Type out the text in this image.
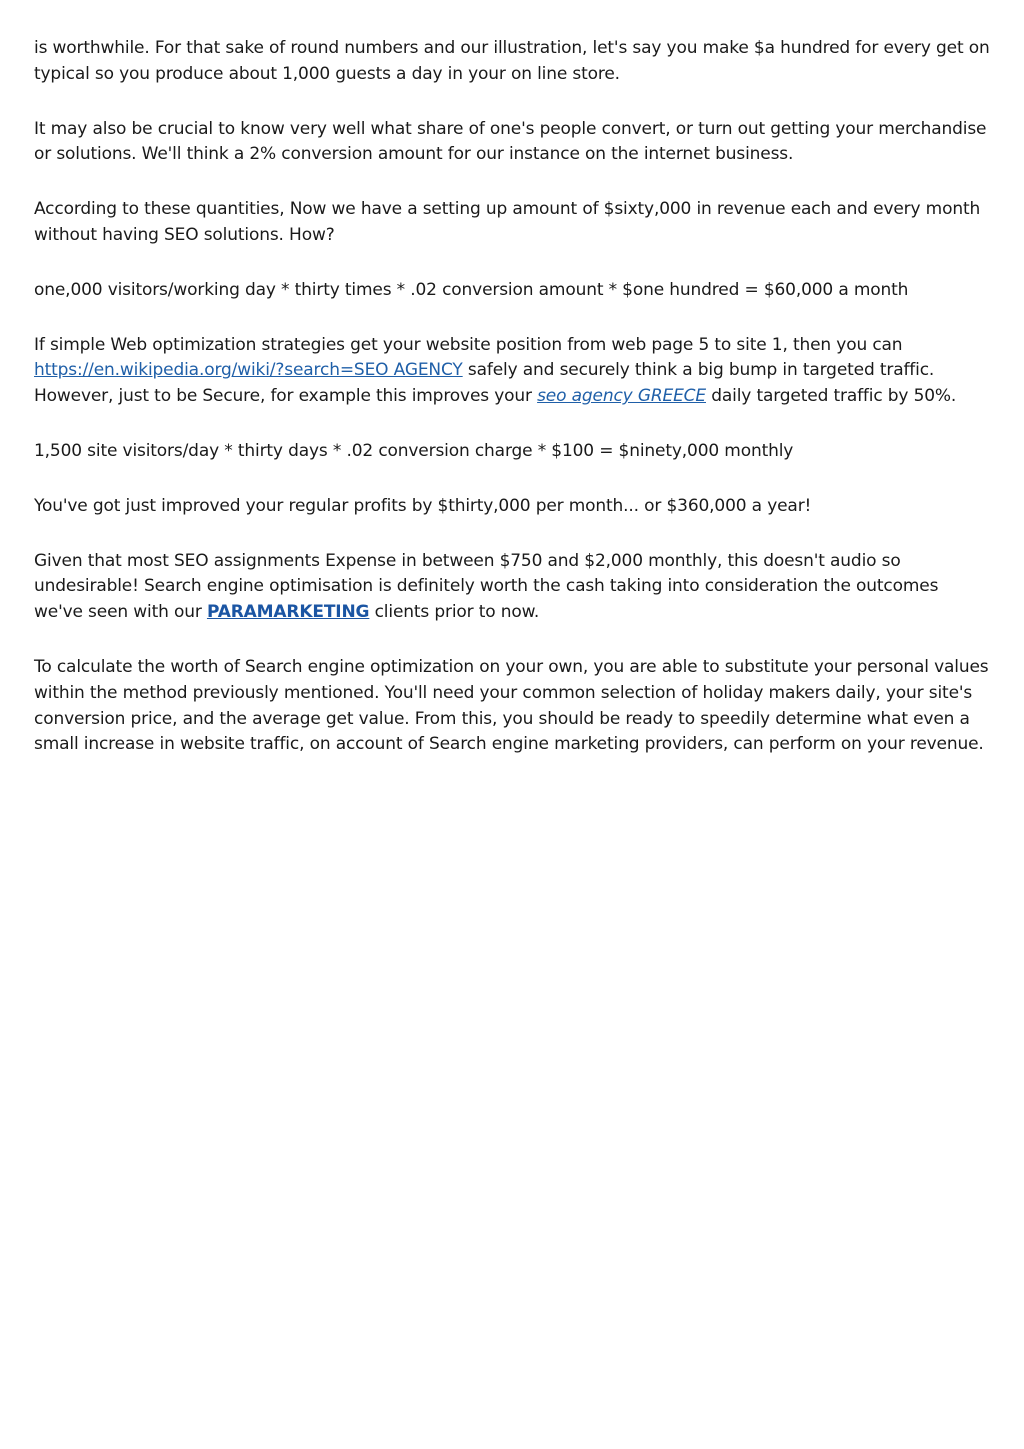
is worthwhile. For that sake of round numbers and our illustration, let's say you make $a hundred for every get on typical so you produce about 1,000 guests a day in your on line store.

It may also be crucial to know very well what share of one's people convert, or turn out getting your merchandise or solutions. We'll think a 2% conversion amount for our instance on the internet business.

According to these quantities, Now we have a setting up amount of $sixty,000 in revenue each and every month without having SEO solutions. How?

one,000 visitors/working day * thirty times * .02 conversion amount * $one hundred = $60,000 a month

If simple Web optimization strategies get your website position from web page 5 to site 1, then you can https://en.wikipedia.org/wiki/?search=SEO AGENCY safely and securely think a big bump in targeted traffic. However, just to be Secure, for example this improves your seo agency GREECE daily targeted traffic by 50%.

1,500 site visitors/day * thirty days * .02 conversion charge * $100 = $ninety,000 monthly

You've got just improved your regular profits by $thirty,000 per month... or $360,000 a year!

Given that most SEO assignments Expense in between $750 and $2,000 monthly, this doesn't audio so undesirable! Search engine optimisation is definitely worth the cash taking into consideration the outcomes we've seen with our PARAMARKETING clients prior to now.

To calculate the worth of Search engine optimization on your own, you are able to substitute your personal values within the method previously mentioned. You'll need your common selection of holiday makers daily, your site's conversion price, and the average get value. From this, you should be ready to speedily determine what even a small increase in website traffic, on account of Search engine marketing providers, can perform on your revenue.
